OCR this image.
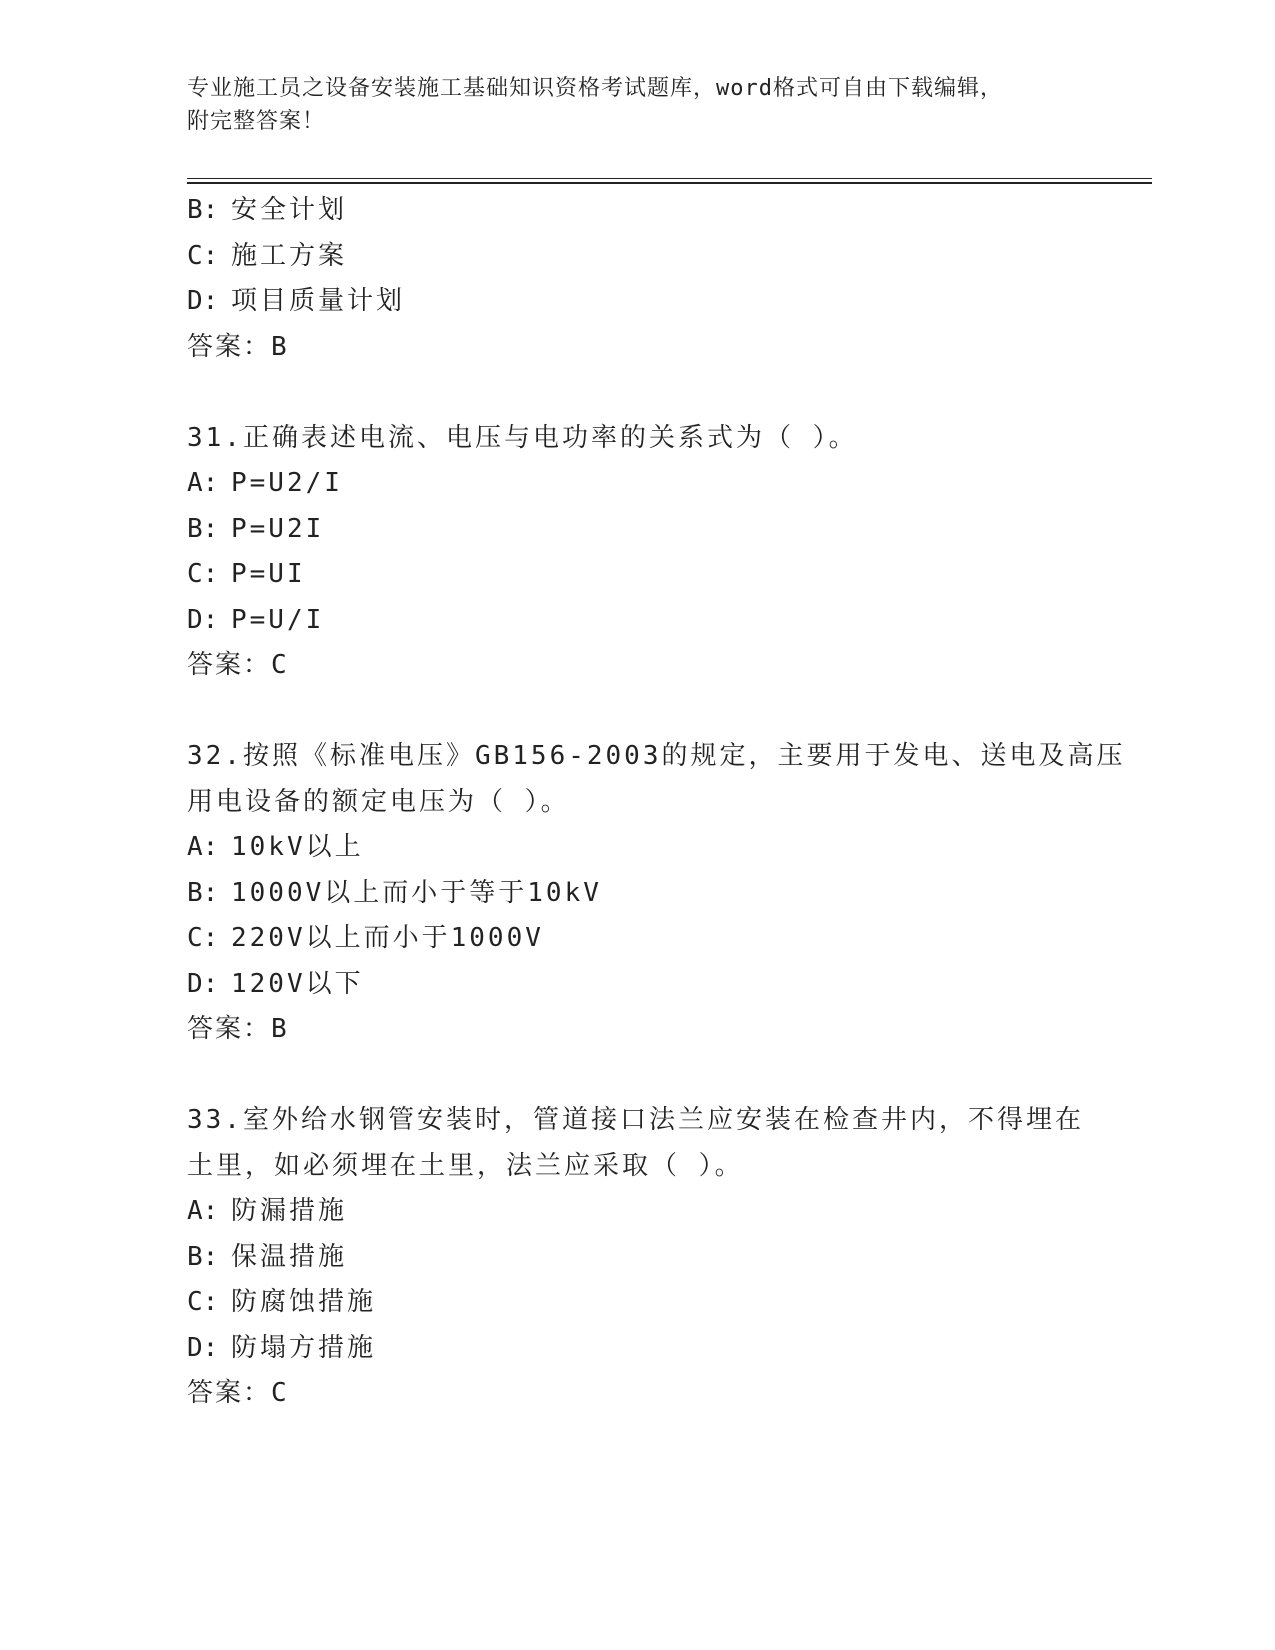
专业施工员之设备安装施工基础知识资格考试题库，word格式可自由下载编辑，
附完整答案！
B: 安全计划
C: 施工方案
D: 项目质量计划
答案：B
31.正确表述电流、电压与电功率的关系式为（ ）。
A: P=U2/I
B: P=U2I
C: P=UI
D: P=U/I
答案：C
32.按照《标准电压》GB156-2003的规定，主要用于发电、送电及高压
用电设备的额定电压为（ ）。
A: 10kV以上
B: 1000V以上而小于等于10kV
C: 220V以上而小于1000V
D: 120V以下
答案：B
33.室外给水钢管安装时，管道接口法兰应安装在检查井内，不得埋在
土里，如必须埋在土里，法兰应采取（ ）。
A: 防漏措施
B: 保温措施
C: 防腐蚀措施
D: 防塌方措施
答案：C
